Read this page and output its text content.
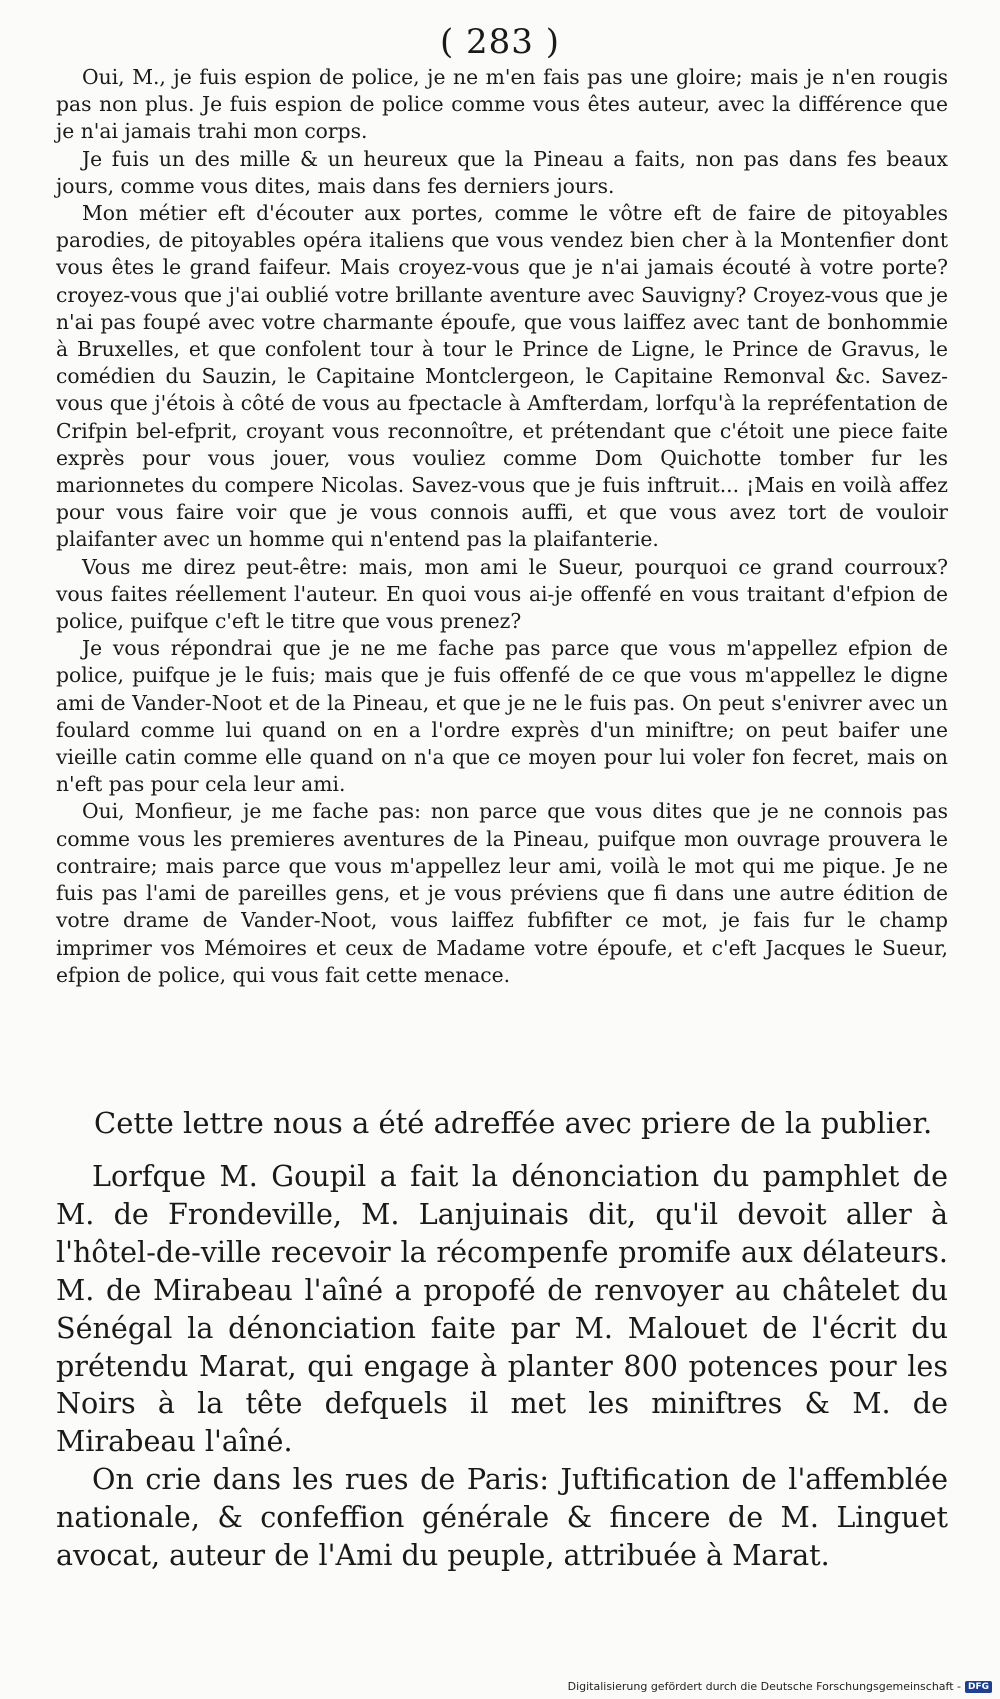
( 283 )

Oui, M., je fuis espion de police, je ne m'en fais pas une gloire; mais je n'en rougis pas non plus. Je fuis espion de police comme vous êtes auteur, avec la différence que je n'ai jamais trahi mon corps.

Je fuis un des mille & un heureux que la Pineau a faits, non pas dans fes beaux jours, comme vous dites, mais dans fes derniers jours.

Mon métier eft d'écouter aux portes, comme le vôtre eft de faire de pitoyables parodies, de pitoyables opéra italiens que vous vendez bien cher à la Montenfier dont vous êtes le grand faifeur. Mais croyez-vous que je n'ai jamais écouté à votre porte? croyez-vous que j'ai oublié votre brillante aventure avec Sauvigny? Croyez-vous que je n'ai pas foupé avec votre charmante époufe, que vous laiffez avec tant de bonhommie à Bruxelles, et que confolent tour à tour le Prince de Ligne, le Prince de Gravus, le comédien du Sauzin, le Capitaine Montclergeon, le Capitaine Remonval &c. Savez-vous que j'étois à côté de vous au fpectacle à Amfterdam, lorfqu'à la repréfentation de Crifpin bel-efprit, croyant vous reconnoître, et prétendant que c'étoit une piece faite exprès pour vous jouer, vous vouliez comme Dom Quichotte tomber fur les marionnetes du compere Nicolas. Savez-vous que je fuis inftruit... ¡Mais en voilà affez pour vous faire voir que je vous connois auffi, et que vous avez tort de vouloir plaifanter avec un homme qui n'entend pas la plaifanterie.

Vous me direz peut-être: mais, mon ami le Sueur, pourquoi ce grand courroux? vous faites réellement l'auteur. En quoi vous ai-je offenfé en vous traitant d'efpion de police, puifque c'eft le titre que vous prenez?

Je vous répondrai que je ne me fache pas parce que vous m'appellez efpion de police, puifque je le fuis; mais que je fuis offenfé de ce que vous m'appellez le digne ami de Vander-Noot et de la Pineau, et que je ne le fuis pas. On peut s'enivrer avec un foulard comme lui quand on en a l'ordre exprès d'un miniftre; on peut baifer une vieille catin comme elle quand on n'a que ce moyen pour lui voler fon fecret, mais on n'eft pas pour cela leur ami.

Oui, Monfieur, je me fache pas: non parce que vous dites que je ne connois pas comme vous les premieres aventures de la Pineau, puifque mon ouvrage prouvera le contraire; mais parce que vous m'appellez leur ami, voilà le mot qui me pique. Je ne fuis pas l'ami de pareilles gens, et je vous préviens que fi dans une autre édition de votre drame de Vander-Noot, vous laiffez fubfifter ce mot, je fais fur le champ imprimer vos Mémoires et ceux de Madame votre époufe, et c'eft Jacques le Sueur, efpion de police, qui vous fait cette menace.

Cette lettre nous a été adreffée avec priere de la publier.

Lorfque M. Goupil a fait la dénonciation du pamphlet de M. de Frondeville, M. Lanjuinais dit, qu'il devoit aller à l'hôtel-de-ville recevoir la récompenfe promife aux délateurs. M. de Mirabeau l'aîné a propofé de renvoyer au châtelet du Sénégal la dénonciation faite par M. Malouet de l'écrit du prétendu Marat, qui engage à planter 800 potences pour les Noirs à la tête defquels il met les miniftres & M. de Mirabeau l'aîné.

On crie dans les rues de Paris: Juftification de l'affemblée nationale, & confeffion générale & fincere de M. Linguet avocat, auteur de l'Ami du peuple, attribuée à Marat.

Digitalisierung gefördert durch die Deutsche Forschungsgemeinschaft - DFG
